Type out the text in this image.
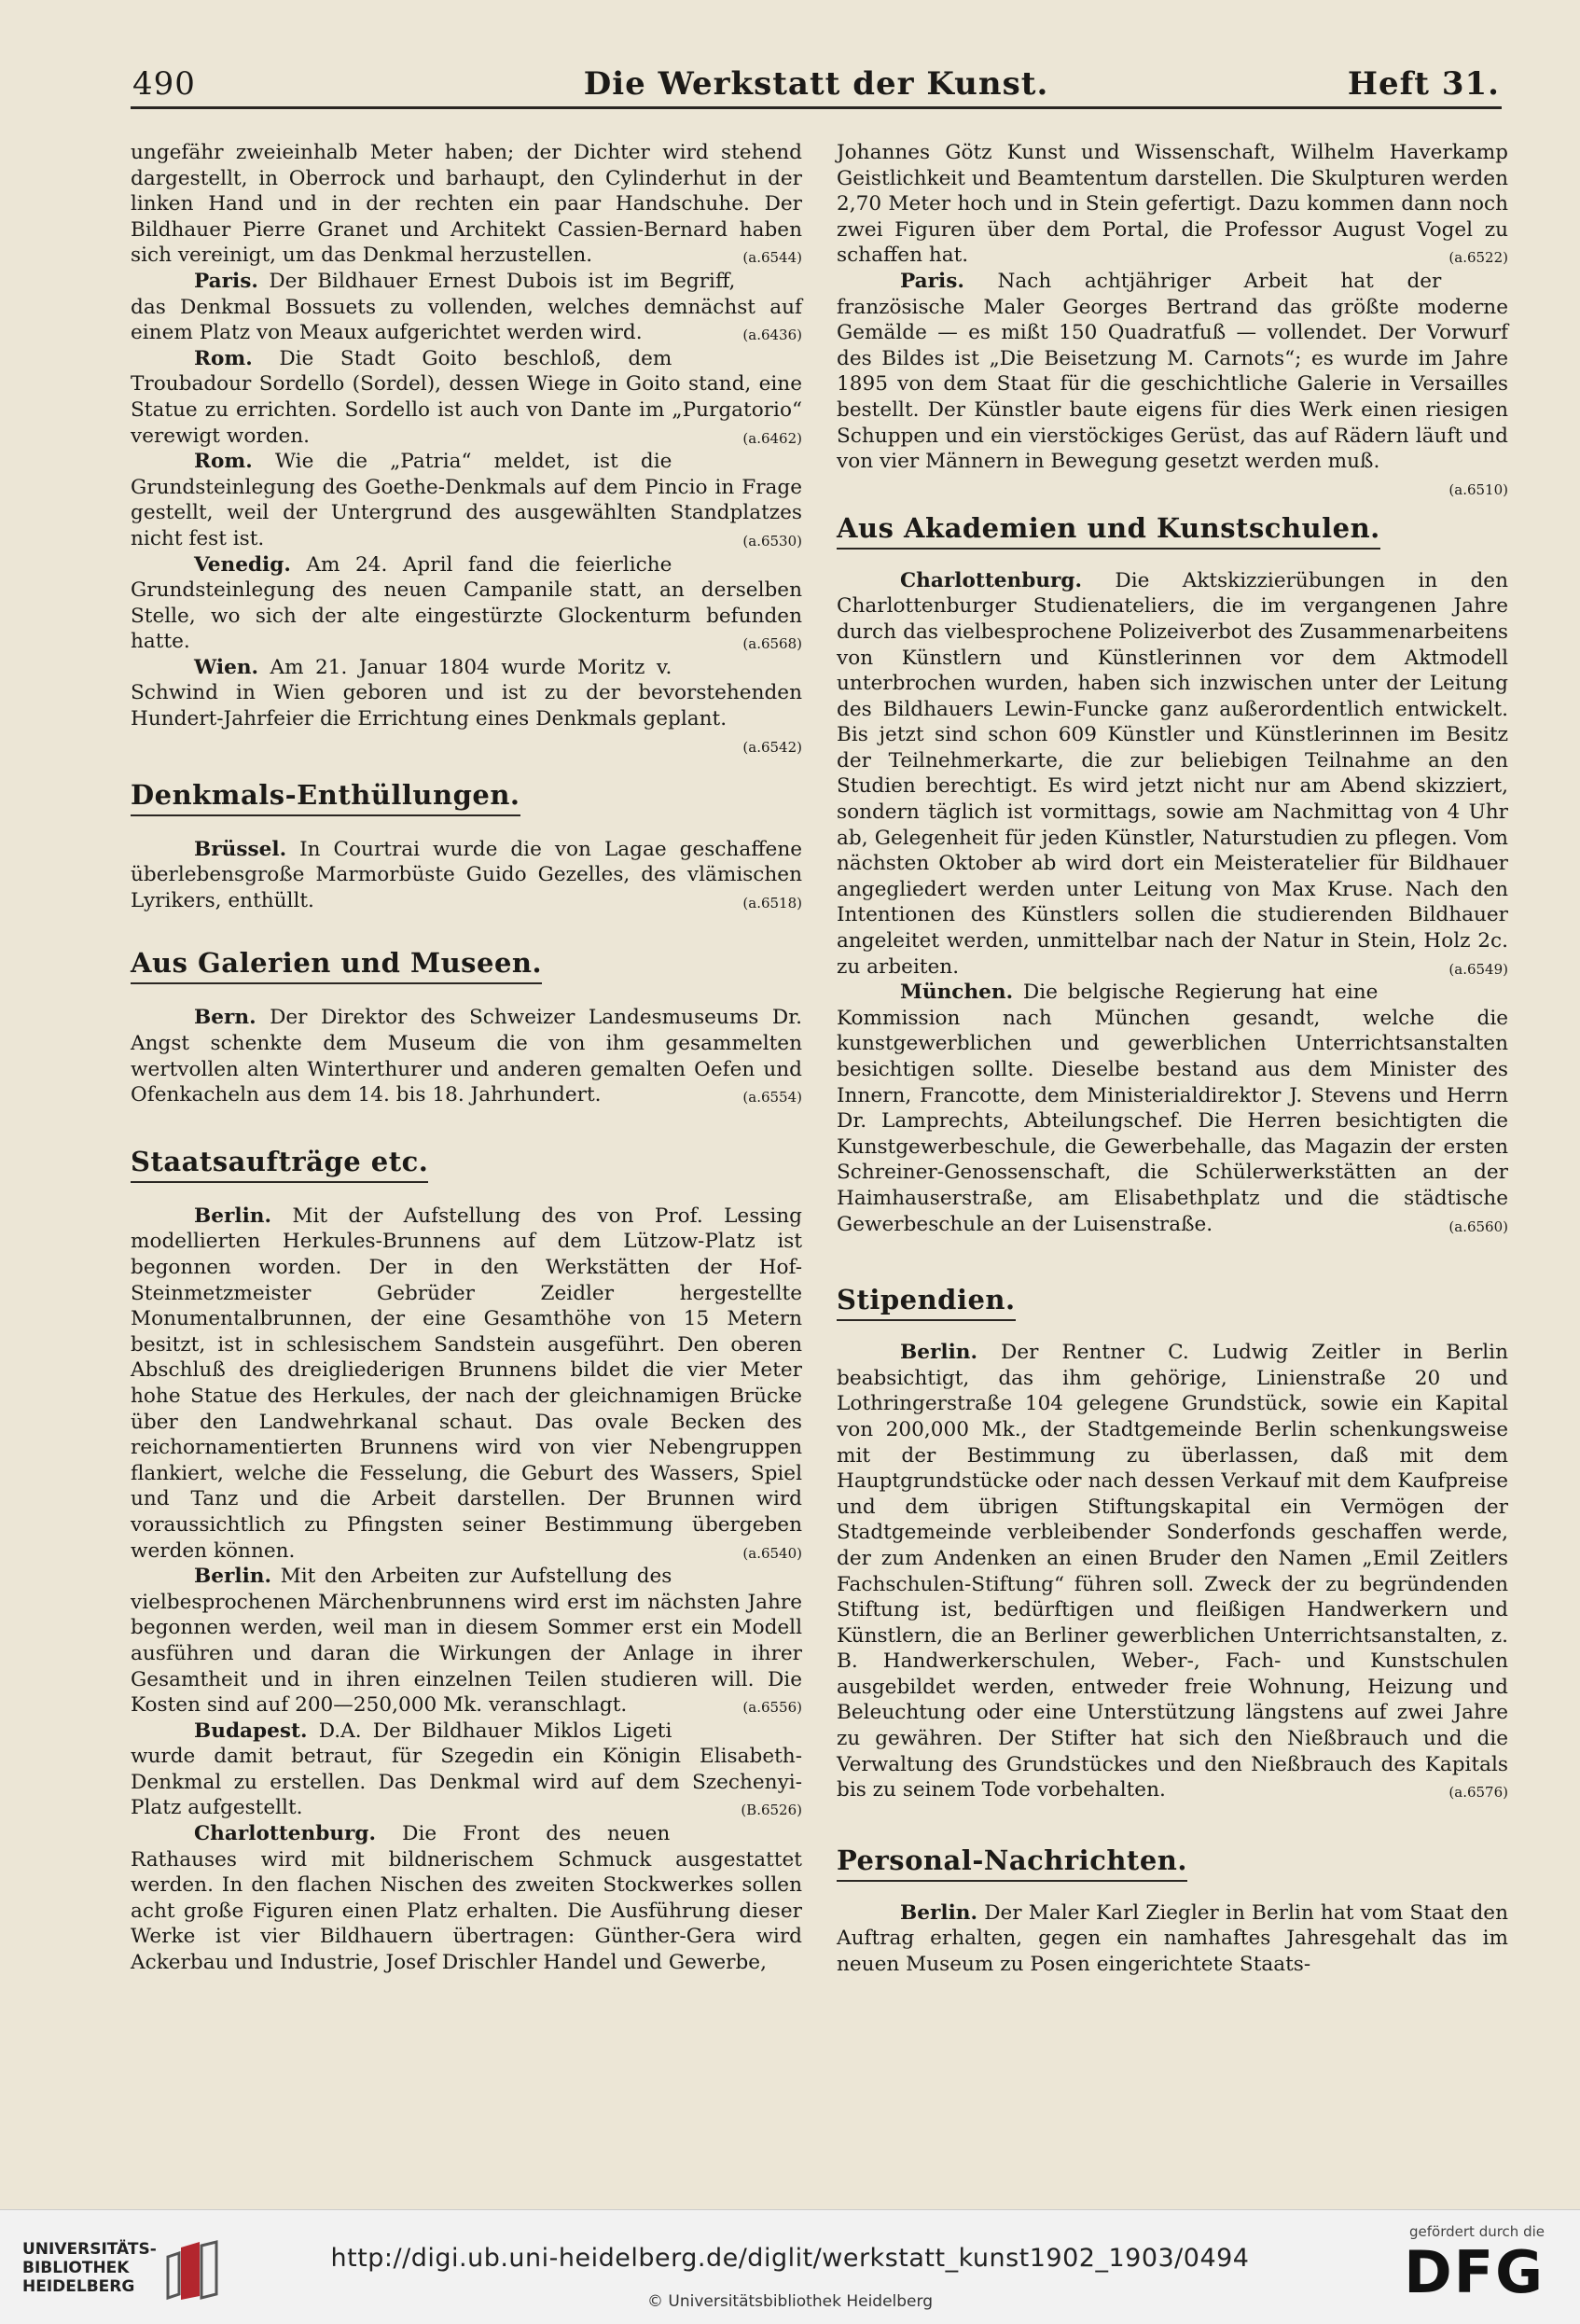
490	Die Werkstatt der Kunst.	Heft 31.

ungefähr zweieinhalb Meter haben; der Dichter wird stehend dargestellt, in Oberrock und barhaupt, den Cylinderhut in der linken Hand und in der rechten ein paar Handschuhe. Der Bildhauer Pierre Granet und Architekt Cassien-Bernard haben sich vereinigt, um das Denkmal herzustellen.	(a.6544)

Paris. Der Bildhauer Ernest Dubois ist im Begriff, das Denkmal Bossuets zu vollenden, welches demnächst auf einem Platz von Meaux aufgerichtet werden wird.	(a.6436)

Rom. Die Stadt Goito beschloß, dem Troubadour Sordello (Sordel), dessen Wiege in Goito stand, eine Statue zu errichten. Sordello ist auch von Dante im „Purgatorio“ verewigt worden.	(a.6462)

Rom. Wie die „Patria“ meldet, ist die Grundsteinlegung des Goethe-Denkmals auf dem Pincio in Frage gestellt, weil der Untergrund des ausgewählten Standplatzes nicht fest ist.	(a.6530)

Venedig. Am 24. April fand die feierliche Grundsteinlegung des neuen Campanile statt, an derselben Stelle, wo sich der alte eingestürzte Glockenturm befunden hatte.	(a.6568)

Wien. Am 21. Januar 1804 wurde Moritz v. Schwind in Wien geboren und ist zu der bevorstehenden Hundert-Jahrfeier die Errichtung eines Denkmals geplant.
(a.6542)

Denkmals-Enthüllungen.

Brüssel. In Courtrai wurde die von Lagae geschaffene überlebensgroße Marmorbüste Guido Gezelles, des vlämischen Lyrikers, enthüllt.	(a.6518)

Aus Galerien und Museen.

Bern. Der Direktor des Schweizer Landesmuseums Dr. Angst schenkte dem Museum die von ihm gesammelten wertvollen alten Winterthurer und anderen gemalten Oefen und Ofenkacheln aus dem 14. bis 18. Jahrhundert.	(a.6554)

Staatsaufträge etc.

Berlin. Mit der Aufstellung des von Prof. Lessing modellierten Herkules-Brunnens auf dem Lützow-Platz ist begonnen worden. Der in den Werkstätten der Hof-Steinmetzmeister Gebrüder Zeidler hergestellte Monumentalbrunnen, der eine Gesamthöhe von 15 Metern besitzt, ist in schlesischem Sandstein ausgeführt. Den oberen Abschluß des dreigliederigen Brunnens bildet die vier Meter hohe Statue des Herkules, der nach der gleichnamigen Brücke über den Landwehrkanal schaut. Das ovale Becken des reichornamentierten Brunnens wird von vier Nebengruppen flankiert, welche die Fesselung, die Geburt des Wassers, Spiel und Tanz und die Arbeit darstellen. Der Brunnen wird voraussichtlich zu Pfingsten seiner Bestimmung übergeben werden können.	(a.6540)

Berlin. Mit den Arbeiten zur Aufstellung des vielbesprochenen Märchenbrunnens wird erst im nächsten Jahre begonnen werden, weil man in diesem Sommer erst ein Modell ausführen und daran die Wirkungen der Anlage in ihrer Gesamtheit und in ihren einzelnen Teilen studieren will. Die Kosten sind auf 200—250,000 Mk. veranschlagt.	(a.6556)

Budapest. D.A. Der Bildhauer Miklos Ligeti wurde damit betraut, für Szegedin ein Königin Elisabeth-Denkmal zu erstellen. Das Denkmal wird auf dem Szechenyi-Platz aufgestellt.	(B.6526)

Charlottenburg. Die Front des neuen Rathauses wird mit bildnerischem Schmuck ausgestattet werden. In den flachen Nischen des zweiten Stockwerkes sollen acht große Figuren einen Platz erhalten. Die Ausführung dieser Werke ist vier Bildhauern übertragen: Günther-Gera wird Ackerbau und Industrie, Josef Drischler Handel und Gewerbe,

Johannes Götz Kunst und Wissenschaft, Wilhelm Haverkamp Geistlichkeit und Beamtentum darstellen. Die Skulpturen werden 2,70 Meter hoch und in Stein gefertigt. Dazu kommen dann noch zwei Figuren über dem Portal, die Professor August Vogel zu schaffen hat.	(a.6522)

Paris. Nach achtjähriger Arbeit hat der französische Maler Georges Bertrand das größte moderne Gemälde — es mißt 150 Quadratfuß — vollendet. Der Vorwurf des Bildes ist „Die Beisetzung M. Carnots“; es wurde im Jahre 1895 von dem Staat für die geschichtliche Galerie in Versailles bestellt. Der Künstler baute eigens für dies Werk einen riesigen Schuppen und ein vierstöckiges Gerüst, das auf Rädern läuft und von vier Männern in Bewegung gesetzt werden muß.
(a.6510)

Aus Akademien und Kunstschulen.

Charlottenburg. Die Aktskizzierübungen in den Charlottenburger Studienateliers, die im vergangenen Jahre durch das vielbesprochene Polizeiverbot des Zusammenarbeitens von Künstlern und Künstlerinnen vor dem Aktmodell unterbrochen wurden, haben sich inzwischen unter der Leitung des Bildhauers Lewin-Funcke ganz außerordentlich entwickelt. Bis jetzt sind schon 609 Künstler und Künstlerinnen im Besitz der Teilnehmerkarte, die zur beliebigen Teilnahme an den Studien berechtigt. Es wird jetzt nicht nur am Abend skizziert, sondern täglich ist vormittags, sowie am Nachmittag von 4 Uhr ab, Gelegenheit für jeden Künstler, Naturstudien zu pflegen. Vom nächsten Oktober ab wird dort ein Meisteratelier für Bildhauer angegliedert werden unter Leitung von Max Kruse. Nach den Intentionen des Künstlers sollen die studierenden Bildhauer angeleitet werden, unmittelbar nach der Natur in Stein, Holz 2c. zu arbeiten.	(a.6549)

München. Die belgische Regierung hat eine Kommission nach München gesandt, welche die kunstgewerblichen und gewerblichen Unterrichtsanstalten besichtigen sollte. Dieselbe bestand aus dem Minister des Innern, Francotte, dem Ministerialdirektor J. Stevens und Herrn Dr. Lamprechts, Abteilungschef. Die Herren besichtigten die Kunstgewerbeschule, die Gewerbehalle, das Magazin der ersten Schreiner-Genossenschaft, die Schülerwerkstätten an der Haimhauserstraße, am Elisabethplatz und die städtische Gewerbeschule an der Luisenstraße.	(a.6560)

Stipendien.

Berlin. Der Rentner C. Ludwig Zeitler in Berlin beabsichtigt, das ihm gehörige, Linienstraße 20 und Lothringerstraße 104 gelegene Grundstück, sowie ein Kapital von 200,000 Mk., der Stadtgemeinde Berlin schenkungsweise mit der Bestimmung zu überlassen, daß mit dem Hauptgrundstücke oder nach dessen Verkauf mit dem Kaufpreise und dem übrigen Stiftungskapital ein Vermögen der Stadtgemeinde verbleibender Sonderfonds geschaffen werde, der zum Andenken an einen Bruder den Namen „Emil Zeitlers Fachschulen-Stiftung“ führen soll. Zweck der zu begründenden Stiftung ist, bedürftigen und fleißigen Handwerkern und Künstlern, die an Berliner gewerblichen Unterrichtsanstalten, z. B. Handwerkerschulen, Weber-, Fach- und Kunstschulen ausgebildet werden, entweder freie Wohnung, Heizung und Beleuchtung oder eine Unterstützung längstens auf zwei Jahre zu gewähren. Der Stifter hat sich den Nießbrauch und die Verwaltung des Grundstückes und den Nießbrauch des Kapitals bis zu seinem Tode vorbehalten.	(a.6576)

Personal-Nachrichten.

Berlin. Der Maler Karl Ziegler in Berlin hat vom Staat den Auftrag erhalten, gegen ein namhaftes Jahresgehalt das im neuen Museum zu Posen eingerichtete Staats-

UNIVERSITÄTS-
BIBLIOTHEK
HEIDELBERG
http://digi.ub.uni-heidelberg.de/diglit/werkstatt_kunst1902_1903/0494
© Universitätsbibliothek Heidelberg
gefördert durch die
DFG
